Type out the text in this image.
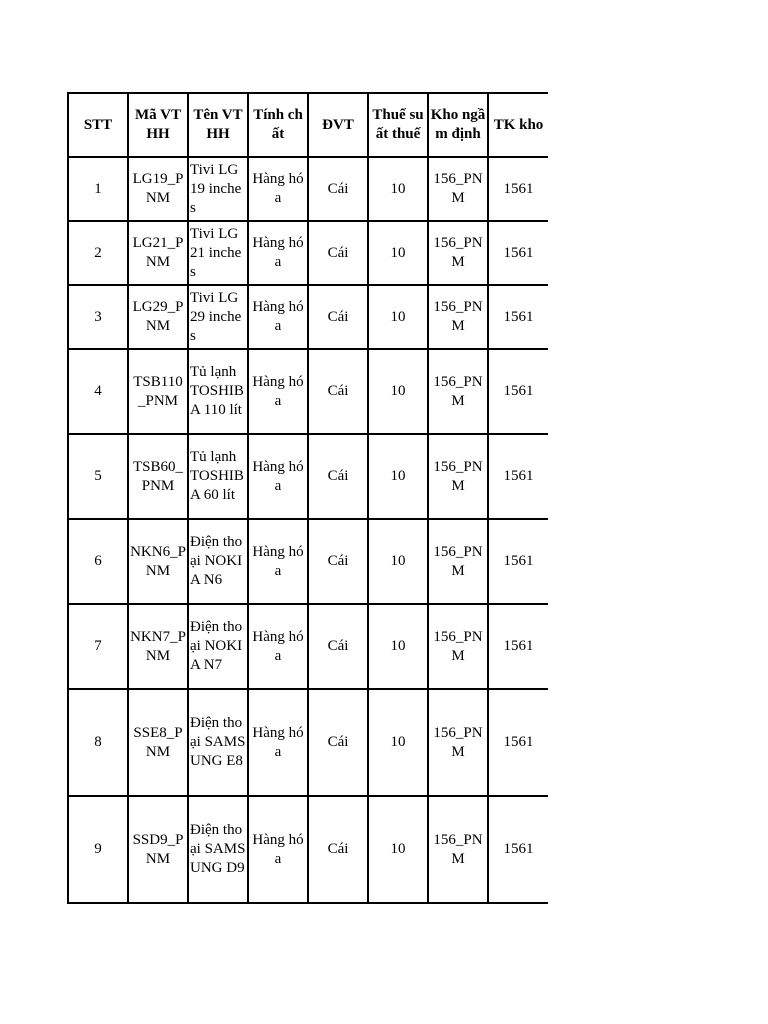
STT	Mã VTHH	Tên VTHH	Tính chất	ĐVT	Thuế suất thuế	Kho ngầm định	TK kho
1	LG19_PNM	Tivi LG 19 inches	Hàng hóa	Cái	10	156_PNM	1561
2	LG21_PNM	Tivi LG 21 inches	Hàng hóa	Cái	10	156_PNM	1561
3	LG29_PNM	Tivi LG 29 inches	Hàng hóa	Cái	10	156_PNM	1561
4	TSB110_PNM	Tủ lạnh TOSHIBA 110 lít	Hàng hóa	Cái	10	156_PNM	1561
5	TSB60_PNM	Tủ lạnh TOSHIBA 60 lít	Hàng hóa	Cái	10	156_PNM	1561
6	NKN6_PNM	Điện thoại NOKIA N6	Hàng hóa	Cái	10	156_PNM	1561
7	NKN7_PNM	Điện thoại NOKIA N7	Hàng hóa	Cái	10	156_PNM	1561
8	SSE8_PNM	Điện thoại SAMSUNG E8	Hàng hóa	Cái	10	156_PNM	1561
9	SSD9_PNM	Điện thoại SAMSUNG D9	Hàng hóa	Cái	10	156_PNM	1561
